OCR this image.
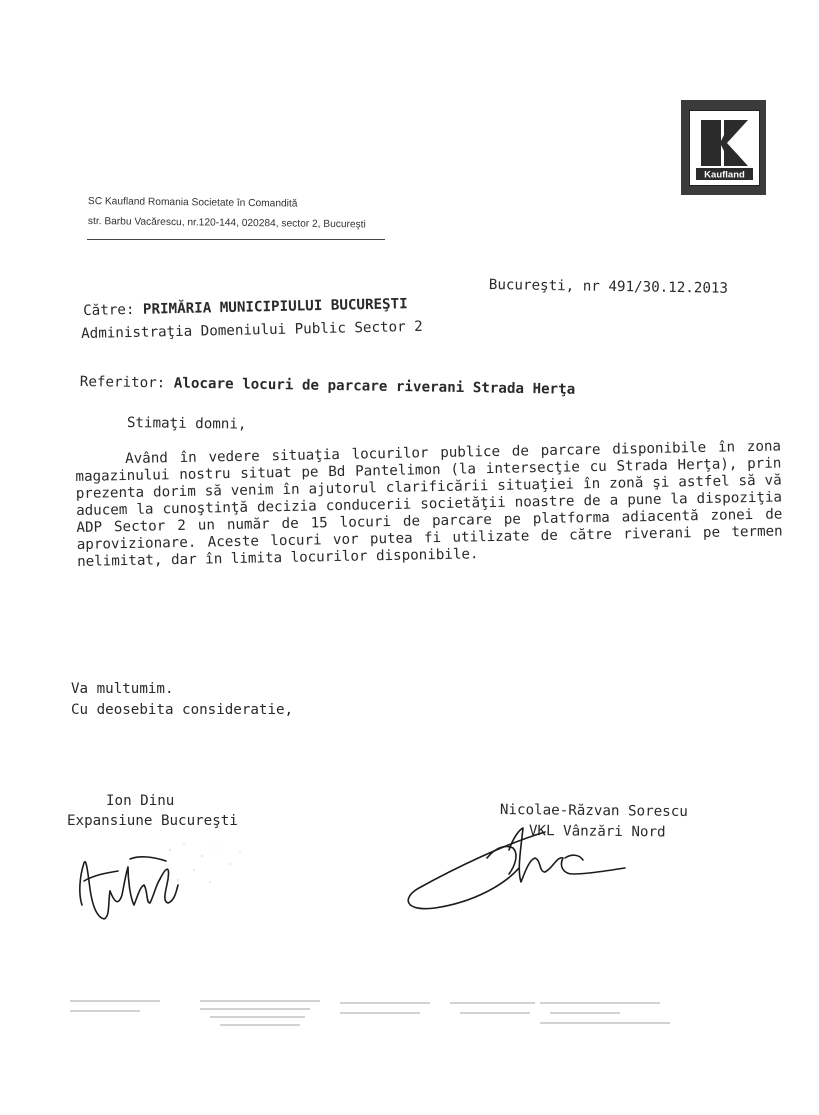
Kaufland
SC Kaufland Romania Societate în Comandită
str. Barbu Vacărescu, nr.120-144, 020284, sector 2, Bucureşti
Bucureşti, nr 491/30.12.2013
Către: PRIMĂRIA MUNICIPIULUI BUCUREŞTI
Administraţia Domeniului Public Sector 2
Referitor: Alocare locuri de parcare riverani Strada Herţa
Stimaţi domni,

Având în vedere situaţia locurilor publice de parcare disponibile în zona magazinului nostru situat pe Bd Pantelimon (la intersecţie cu Strada Herţa), prin prezenta dorim să venim în ajutorul clarificării situaţiei în zonă şi astfel să vă aducem la cunoştinţă decizia conducerii societăţii noastre de a pune la dispoziţia ADP Sector 2 un număr de 15 locuri de parcare pe platforma adiacentă zonei de aprovizionare. Aceste locuri vor putea fi utilizate de către riverani pe termen nelimitat, dar în limita locurilor disponibile.

Va multumim.
Cu deosebita consideratie,
Ion Dinu
Expansiune Bucureşti
Nicolae-Răzvan Sorescu
VKL Vânzări Nord
